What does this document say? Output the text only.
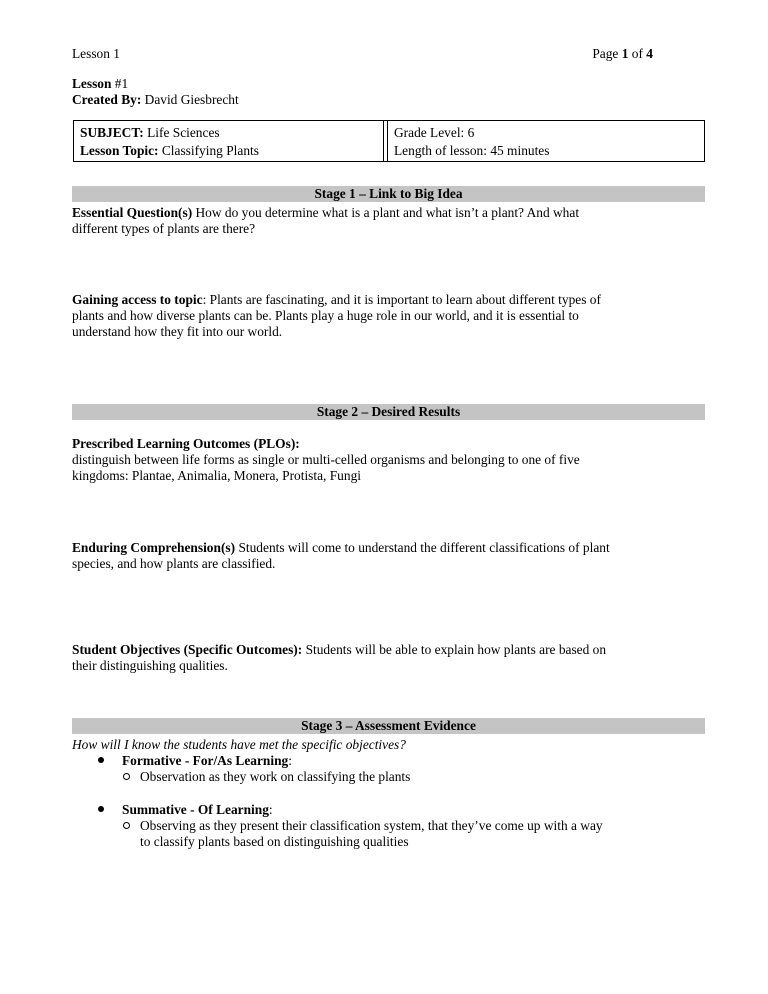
Lesson 1	Page 1 of 4
Lesson #1
Created By: David Giesbrecht
SUBJECT: Life Sciences
Lesson Topic: Classifying Plants
Grade Level: 6
Length of lesson: 45 minutes
Stage 1 – Link to Big Idea
Essential Question(s) How do you determine what is a plant and what isn’t a plant? And what
different types of plants are there?
Gaining access to topic: Plants are fascinating, and it is important to learn about different types of
plants and how diverse plants can be. Plants play a huge role in our world, and it is essential to
understand how they fit into our world.
Stage 2 – Desired Results
Prescribed Learning Outcomes (PLOs):
distinguish between life forms as single or multi-celled organisms and belonging to one of five
kingdoms: Plantae, Animalia, Monera, Protista, Fungi
Enduring Comprehension(s) Students will come to understand the different classifications of plant
species, and how plants are classified.
Student Objectives (Specific Outcomes): Students will be able to explain how plants are based on
their distinguishing qualities.
Stage 3 – Assessment Evidence
How will I know the students have met the specific objectives?
Formative - For/As Learning:
Observation as they work on classifying the plants
Summative - Of Learning:
Observing as they present their classification system, that they’ve come up with a way
to classify plants based on distinguishing qualities
